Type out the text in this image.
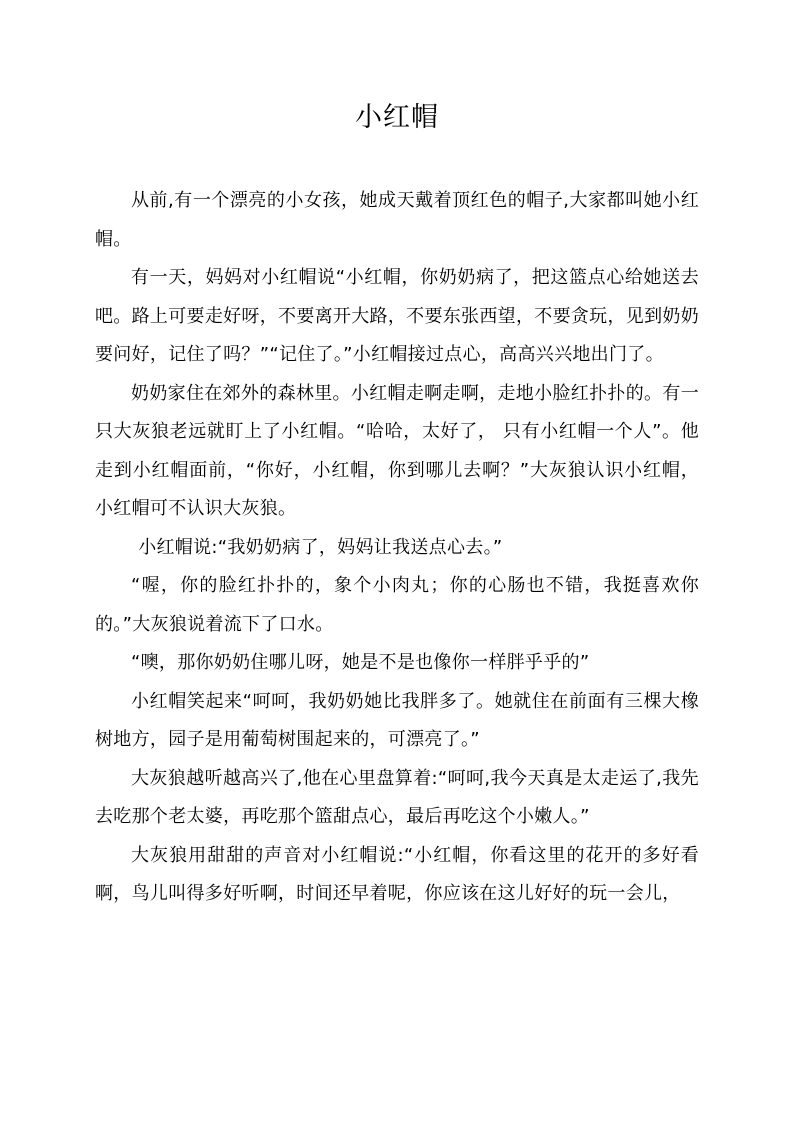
小红帽

从前,有一个漂亮的小女孩，她成天戴着顶红色的帽子,大家都叫她小红帽。

有一天，妈妈对小红帽说“小红帽，你奶奶病了，把这篮点心给她送去吧。路上可要走好呀，不要离开大路，不要东张西望，不要贪玩，见到奶奶要问好，记住了吗？”“记住了。”小红帽接过点心，高高兴兴地出门了。

奶奶家住在郊外的森林里。小红帽走啊走啊，走地小脸红扑扑的。有一只大灰狼老远就盯上了小红帽。“哈哈，太好了， 只有小红帽一个人”。他走到小红帽面前，“你好，小红帽，你到哪儿去啊？”大灰狼认识小红帽，小红帽可不认识大灰狼。

小红帽说:“我奶奶病了，妈妈让我送点心去。”

“喔，你的脸红扑扑的，象个小肉丸；你的心肠也不错，我挺喜欢你的。”大灰狼说着流下了口水。

“噢，那你奶奶住哪儿呀，她是不是也像你一样胖乎乎的”

小红帽笑起来“呵呵，我奶奶她比我胖多了。她就住在前面有三棵大橡树地方，园子是用葡萄树围起来的，可漂亮了。”

大灰狼越听越高兴了,他在心里盘算着:“呵呵,我今天真是太走运了,我先去吃那个老太婆，再吃那个篮甜点心，最后再吃这个小嫩人。”

大灰狼用甜甜的声音对小红帽说:“小红帽，你看这里的花开的多好看啊，鸟儿叫得多好听啊，时间还早着呢，你应该在这儿好好的玩一会儿，
